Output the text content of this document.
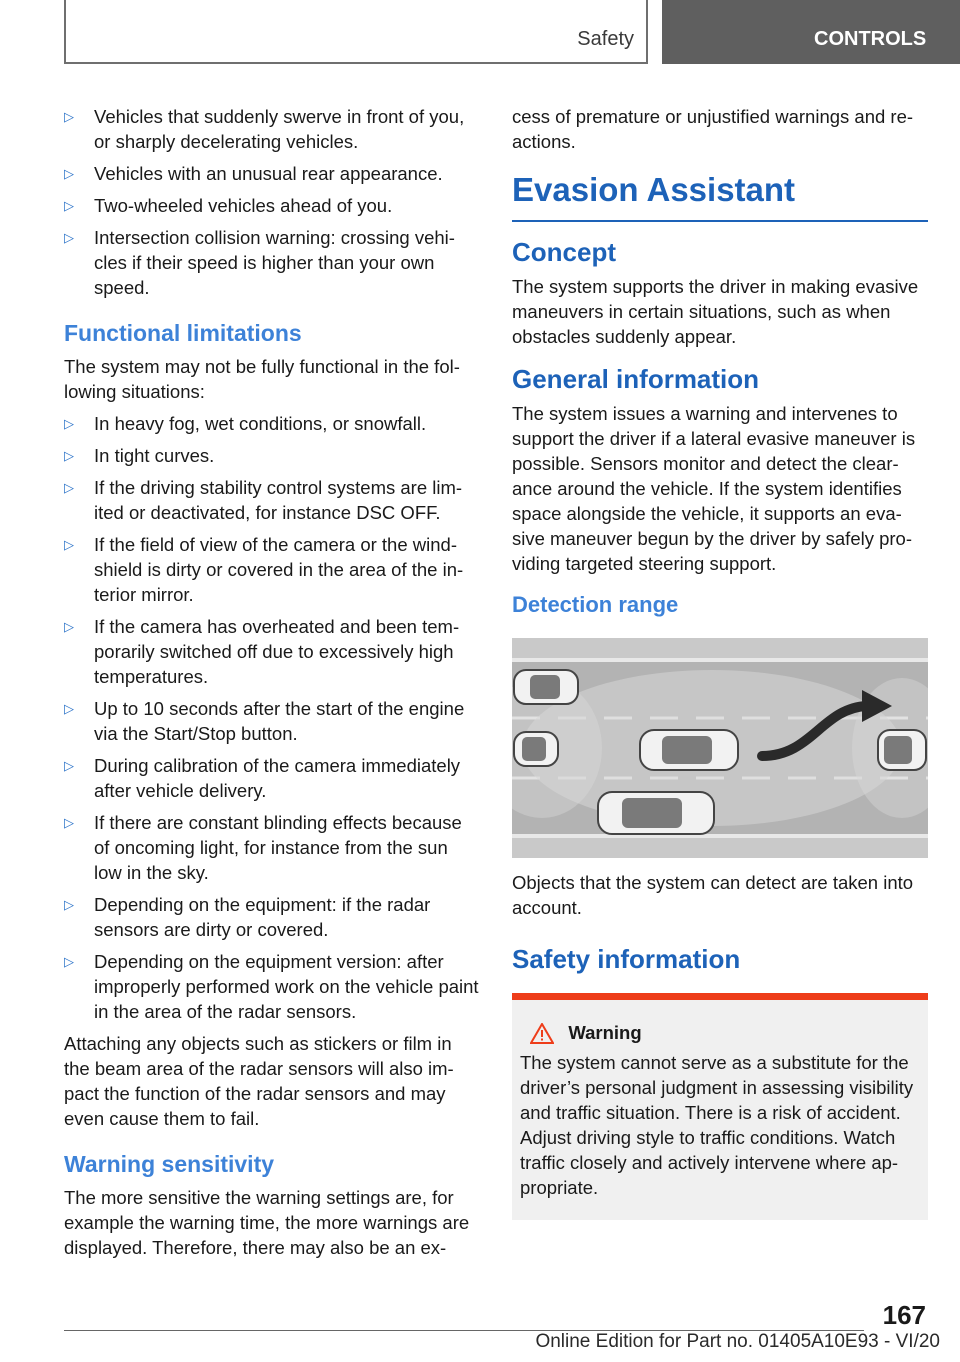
Safety	CONTROLS
▷ Vehicles that suddenly swerve in front of you, or sharply decelerating vehicles.
▷ Vehicles with an unusual rear appearance.
▷ Two-wheeled vehicles ahead of you.
▷ Intersection collision warning: crossing vehicles if their speed is higher than your own speed.
Functional limitations

The system may not be fully functional in the following situations:

▷ In heavy fog, wet conditions, or snowfall.
▷ In tight curves.
▷ If the driving stability control systems are limited or deactivated, for instance DSC OFF.
▷ If the field of view of the camera or the windshield is dirty or covered in the area of the interior mirror.
▷ If the camera has overheated and been temporarily switched off due to excessively high temperatures.
▷ Up to 10 seconds after the start of the engine via the Start/Stop button.
▷ During calibration of the camera immediately after vehicle delivery.
▷ If there are constant blinding effects because of oncoming light, for instance from the sun low in the sky.
▷ Depending on the equipment: if the radar sensors are dirty or covered.
▷ Depending on the equipment version: after improperly performed work on the vehicle paint in the area of the radar sensors.

Attaching any objects such as stickers or film in the beam area of the radar sensors will also impact the function of the radar sensors and may even cause them to fail.

Warning sensitivity

The more sensitive the warning settings are, for example the warning time, the more warnings are displayed. Therefore, there may also be an ex-

cess of premature or unjustified warnings and reactions.

Evasion Assistant
Concept

The system supports the driver in making evasive maneuvers in certain situations, such as when obstacles suddenly appear.

General information

The system issues a warning and intervenes to support the driver if a lateral evasive maneuver is possible. Sensors monitor and detect the clearance around the vehicle. If the system identifies space alongside the vehicle, it supports an evasive maneuver begun by the driver by safely providing targeted steering support.

Detection range

Objects that the system can detect are taken into account.

Safety information
Warning

The system cannot serve as a substitute for the driver’s personal judgment in assessing visibility and traffic situation. There is a risk of accident. Adjust driving style to traffic conditions. Watch traffic closely and actively intervene where appropriate.

167
Online Edition for Part no. 01405A10E93 - VI/20
